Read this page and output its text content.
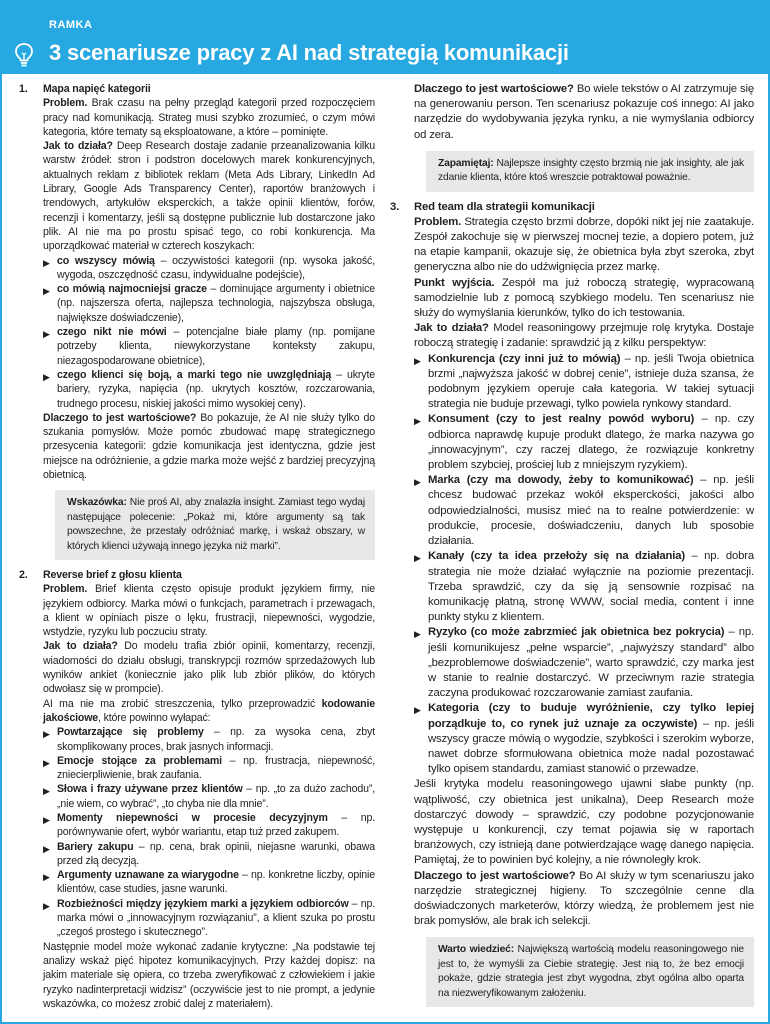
RAMKA
3 scenariusze pracy z AI nad strategią komunikacji
1. Mapa napięć kategorii

Problem. Brak czasu na pełny przegląd kategorii przed rozpoczęciem pracy nad komunikacją. Strateg musi szybko zrozumieć, o czym mówi kategoria, które tematy są eksploatowane, a które – pominięte.

Jak to działa? Deep Research dostaje zadanie przeanalizowania kilku warstw źródeł: stron i podstron docelowych marek konkurencyjnych, aktualnych reklam z bibliotek reklam (Meta Ads Library, LinkedIn Ad Library, Google Ads Transparency Center), raportów branżowych i trendowych, artykułów eksperckich, a także opinii klientów, forów, recenzji i komentarzy, jeśli są dostępne publicznie lub dostarczone jako plik. AI nie ma po prostu spisać tego, co robi konkurencja. Ma uporządkować materiał w czterech koszykach:

▶ co wszyscy mówią – oczywistości kategorii (np. wysoka jakość, wygoda, oszczędność czasu, indywidualne podejście),
▶ co mówią najmocniejsi gracze – dominujące argumenty i obietnice (np. najszersza oferta, najlepsza technologia, najszybsza obsługa, największe doświadczenie),
▶ czego nikt nie mówi – potencjalne białe plamy (np. pomijane potrzeby klienta, niewykorzystane konteksty zakupu, niezagospodarowane obietnice),
▶ czego klienci się boją, a marki tego nie uwzględniają – ukryte bariery, ryzyka, napięcia (np. ukrytych kosztów, rozczarowania, trudnego procesu, niskiej jakości mimo wysokiej ceny).

Dlaczego to jest wartościowe? Bo pokazuje, że AI nie służy tylko do szukania pomysłów. Może pomóc zbudować mapę strategicznego przesycenia kategorii: gdzie komunikacja jest identyczna, gdzie jest miejsce na odróżnienie, a gdzie marka może wejść z bardziej precyzyjną obietnicą.

Wskazówka: Nie proś AI, aby znalazła insight. Zamiast tego wydaj następujące polecenie: „Pokaż mi, które argumenty są tak powszechne, że przestały odróżniać markę, i wskaż obszary, w których klienci używają innego języka niż marki”.
2. Reverse brief z głosu klienta

Problem. Brief klienta często opisuje produkt językiem firmy, nie językiem odbiorcy. Marka mówi o funkcjach, parametrach i przewagach, a klient w opiniach pisze o lęku, frustracji, niepewności, wygodzie, wstydzie, ryzyku lub poczuciu straty.

Jak to działa? Do modelu trafia zbiór opinii, komentarzy, recenzji, wiadomości do działu obsługi, transkrypcji rozmów sprzedażowych lub wyników ankiet (koniecznie jako plik lub zbiór plików, do których odwołasz się w prompcie).

AI ma nie ma zrobić streszczenia, tylko przeprowadzić kodowanie jakościowe, które powinno wyłapać:

▶ Powtarzające się problemy – np. za wysoka cena, zbyt skomplikowany proces, brak jasnych informacji.
▶ Emocje stojące za problemami – np. frustracja, niepewność, zniecierpliwienie, brak zaufania.
▶ Słowa i frazy używane przez klientów – np. „to za dużo zachodu”, „nie wiem, co wybrać”, „to chyba nie dla mnie”.
▶ Momenty niepewności w procesie decyzyjnym – np. porównywanie ofert, wybór wariantu, etap tuż przed zakupem.
▶ Bariery zakupu – np. cena, brak opinii, niejasne warunki, obawa przed złą decyzją.
▶ Argumenty uznawane za wiarygodne – np. konkretne liczby, opinie klientów, case studies, jasne warunki.
▶ Rozbieżności między językiem marki a językiem odbiorców – np. marka mówi o „innowacyjnym rozwiązaniu”, a klient szuka po prostu „czegoś prostego i skutecznego”.

Następnie model może wykonać zadanie krytyczne: „Na podstawie tej analizy wskaż pięć hipotez komunikacyjnych. Przy każdej dopisz: na jakim materiale się opiera, co trzeba zweryfikować z człowiekiem i jakie ryzyko nadinterpretacji widzisz” (oczywiście jest to nie prompt, a jedynie wskazówka, co możesz zrobić dalej z materiałem).

Dlaczego to jest wartościowe? Bo wiele tekstów o AI zatrzymuje się na generowaniu person. Ten scenariusz pokazuje coś innego: AI jako narzędzie do wydobywania języka rynku, a nie wymyślania odbiorcy od zera.

Zapamiętaj: Najlepsze insighty często brzmią nie jak insighty, ale jak zdanie klienta, które ktoś wreszcie potraktował poważnie.
3. Red team dla strategii komunikacji

Problem. Strategia często brzmi dobrze, dopóki nikt jej nie zaatakuje. Zespół zakochuje się w pierwszej mocnej tezie, a dopiero potem, już na etapie kampanii, okazuje się, że obietnica była zbyt szeroka, zbyt generyczna albo nie do udźwignięcia przez markę.

Punkt wyjścia. Zespół ma już roboczą strategię, wypracowaną samodzielnie lub z pomocą szybkiego modelu. Ten scenariusz nie służy do wymyślania kierunków, tylko do ich testowania.

Jak to działa? Model reasoningowy przejmuje rolę krytyka. Dostaje roboczą strategię i zadanie: sprawdzić ją z kilku perspektyw:

▶ Konkurencja (czy inni już to mówią) – np. jeśli Twoja obietnica brzmi „najwyższa jakość w dobrej cenie”, istnieje duża szansa, że podobnym językiem operuje cała kategoria. W takiej sytuacji strategia nie buduje przewagi, tylko powiela rynkowy standard.
▶ Konsument (czy to jest realny powód wyboru) – np. czy odbiorca naprawdę kupuje produkt dlatego, że marka nazywa go „innowacyjnym”, czy raczej dlatego, że rozwiązuje konkretny problem szybciej, prościej lub z mniejszym ryzykiem).
▶ Marka (czy ma dowody, żeby to komunikować) – np. jeśli chcesz budować przekaz wokół eksperckości, jakości albo odpowiedzialności, musisz mieć na to realne potwierdzenie: w produkcie, procesie, doświadczeniu, danych lub sposobie działania.
▶ Kanały (czy ta idea przełoży się na działania) – np. dobra strategia nie może działać wyłącznie na poziomie prezentacji. Trzeba sprawdzić, czy da się ją sensownie rozpisać na komunikację płatną, stronę WWW, social media, content i inne punkty styku z klientem.
▶ Ryzyko (co może zabrzmieć jak obietnica bez pokrycia) – np. jeśli komunikujesz „pełne wsparcie”, „najwyższy standard” albo „bezproblemowe doświadczenie”, warto sprawdzić, czy marka jest w stanie to realnie dostarczyć. W przeciwnym razie strategia zaczyna produkować rozczarowanie zamiast zaufania.
▶ Kategoria (czy to buduje wyróżnienie, czy tylko lepiej porządkuje to, co rynek już uznaje za oczywiste) – np. jeśli wszyscy gracze mówią o wygodzie, szybkości i szerokim wyborze, nawet dobrze sformułowana obietnica może nadal pozostawać tylko opisem standardu, zamiast stanowić o przewadze.

Jeśli krytyka modelu reasoningowego ujawni słabe punkty (np. wątpliwość, czy obietnica jest unikalna), Deep Research może dostarczyć dowody – sprawdzić, czy podobne pozycjonowanie występuje u konkurencji, czy temat pojawia się w raportach branżowych, czy istnieją dane potwierdzające wagę danego napięcia. Pamiętaj, że to powinien być kolejny, a nie równoległy krok.

Dlaczego to jest wartościowe? Bo AI służy w tym scenariuszu jako narzędzie strategicznej higieny. To szczególnie cenne dla doświadczonych marketerów, którzy wiedzą, że problemem jest nie brak pomysłów, ale brak ich selekcji.

Warto wiedzieć: Największą wartością modelu reasoningowego nie jest to, że wymyśli za Ciebie strategię. Jest nią to, że bez emocji pokaże, gdzie strategia jest zbyt wygodna, zbyt ogólna albo oparta na niezweryfikowanym założeniu.
